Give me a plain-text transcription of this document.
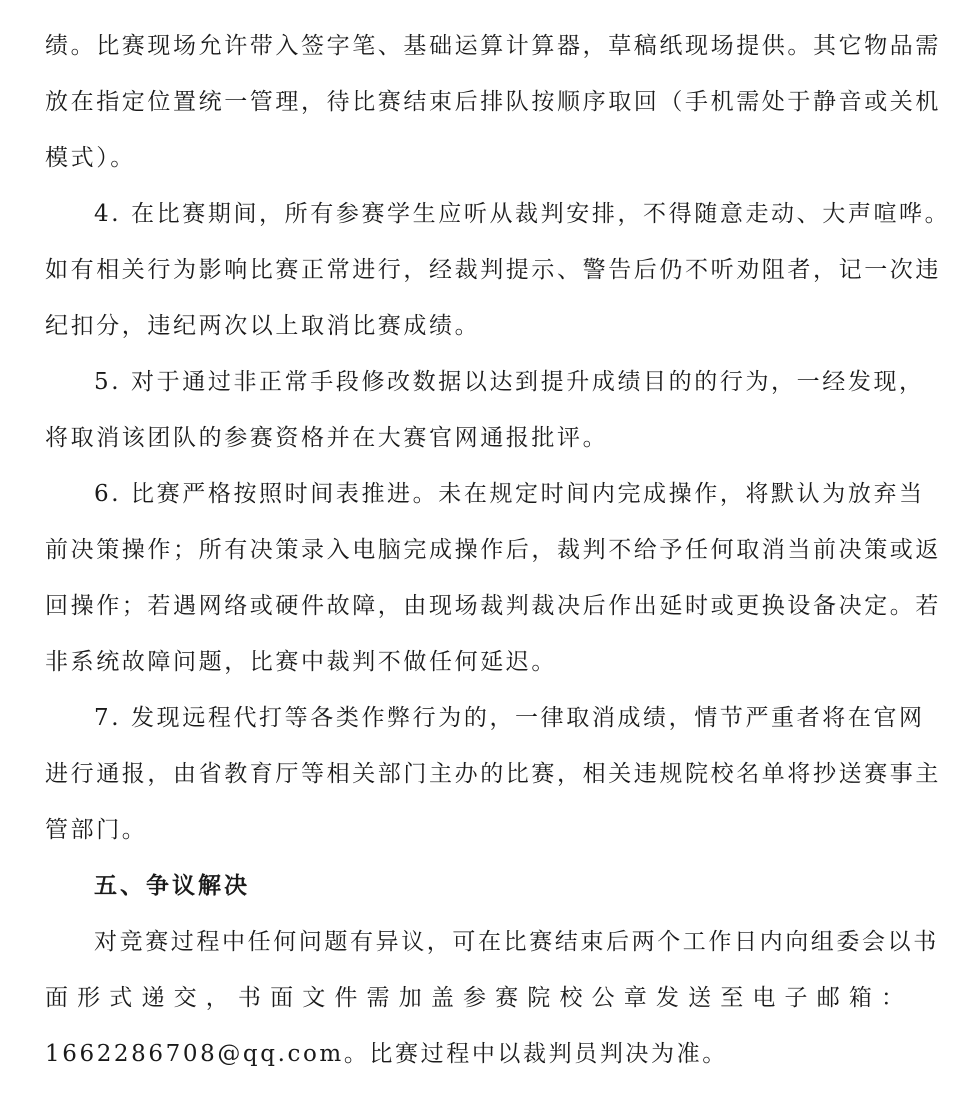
绩。比赛现场允许带入签字笔、基础运算计算器，草稿纸现场提供。其它物品需
放在指定位置统一管理，待比赛结束后排队按顺序取回（手机需处于静音或关机
模式）。
4. 在比赛期间，所有参赛学生应听从裁判安排，不得随意走动、大声喧哗。
如有相关行为影响比赛正常进行，经裁判提示、警告后仍不听劝阻者，记一次违
纪扣分，违纪两次以上取消比赛成绩。
5. 对于通过非正常手段修改数据以达到提升成绩目的的行为，一经发现，
将取消该团队的参赛资格并在大赛官网通报批评。
6. 比赛严格按照时间表推进。未在规定时间内完成操作，将默认为放弃当
前决策操作；所有决策录入电脑完成操作后，裁判不给予任何取消当前决策或返
回操作；若遇网络或硬件故障，由现场裁判裁决后作出延时或更换设备决定。若
非系统故障问题，比赛中裁判不做任何延迟。
7. 发现远程代打等各类作弊行为的，一律取消成绩，情节严重者将在官网
进行通报，由省教育厅等相关部门主办的比赛，相关违规院校名单将抄送赛事主
管部门。
五、争议解决
对竞赛过程中任何问题有异议，可在比赛结束后两个工作日内向组委会以书
面形式递交，书面文件需加盖参赛院校公章发送至电子邮箱：
1662286708@qq.com。比赛过程中以裁判员判决为准。
